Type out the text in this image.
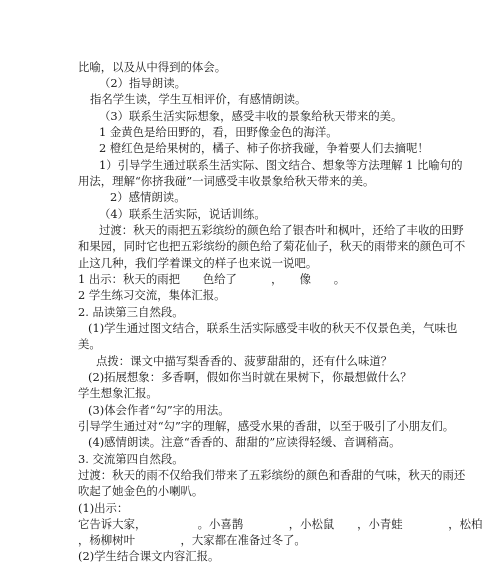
比喻，以及从中得到的体会。
（2）指导朗读。
指名学生读，学生互相评价，有感情朗读。
（3）联系生活实际想象，感受丰收的景象给秋天带来的美。
1 金黄色是给田野的，看，田野像金色的海洋。
2 橙红色是给果树的，橘子、柿子你挤我碰，争着要人们去摘呢！
1）引导学生通过联系生活实际、图文结合、想象等方法理解 1 比喻句的
用法，理解“你挤我碰”一词感受丰收景象给秋天带来的美。
2）感情朗读。
（4）联系生活实际，说话训练。
过渡：秋天的雨把五彩缤纷的颜色给了银杏叶和枫叶，还给了丰收的田野
和果园，同时它也把五彩缤纷的颜色给了菊花仙子，秋天的雨带来的颜色可不
止这几种，我们学着课文的样子也来说一说吧。
1 出示：秋天的雨把　　色给了　　　，　　像　　。
2 学生练习交流，集体汇报。
2. 品读第三自然段。
(1)学生通过图文结合，联系生活实际感受丰收的秋天不仅景色美，气味也
美。
点拨：课文中描写梨香香的、菠萝甜甜的，还有什么味道？
(2)拓展想象：多香啊，假如你当时就在果树下，你最想做什么？
学生想象汇报。
(3)体会作者“勾”字的用法。
引导学生通过对“勾”字的理解，感受水果的香甜，以至于吸引了小朋友们。
(4)感情朗读。注意“香香的、甜甜的”应读得轻缓、音调稍高。
3. 交流第四自然段。
过渡：秋天的雨不仅给我们带来了五彩缤纷的颜色和香甜的气味，秋天的雨还
吹起了她金色的小喇叭。
(1)出示：
它告诉大家，　　　　　。小喜鹊　　　　，小松鼠　　，小青蛙　　　　，松柏
，杨柳树叶　　　　，大家都在准备过冬了。
(2)学生结合课文内容汇报。
